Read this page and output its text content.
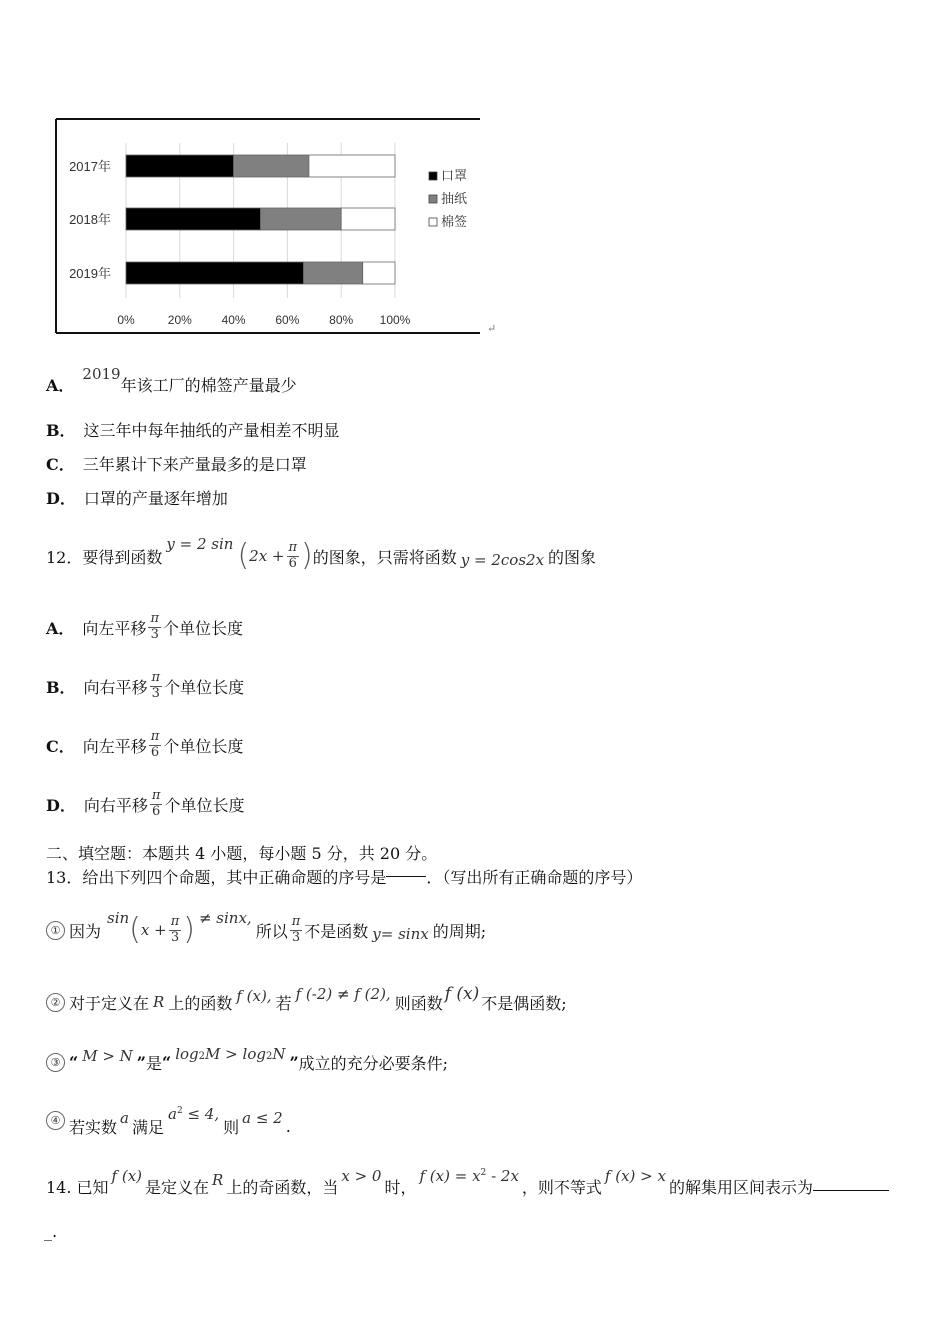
2017年
2018年
2019年
0%	20% 40% 60% 80% 100%
口罩
抽纸
棉签
↵
A．
2019
年该工厂的棉签产量最少
B． 这三年中每年抽纸的产量相差不明显
C． 三年累计下来产量最多的是口罩
D． 口罩的产量逐年增加
12． 要得到函数
y = 2 sin ( $2x + \frac{\pi}{6}$ ) 的图象，只需将函数 y = 2cos2x 的图象
A． 向左平移 $\frac{\pi}{3}$ 个单位长度
B． 向右平移 $\frac{\pi}{3}$ 个单位长度
C． 向左平移 $\frac{\pi}{6}$ 个单位长度
D． 向右平移 $\frac{\pi}{6}$ 个单位长度
二、填空题：本题共 4 小题，每小题 5 分，共 20 分。
13．给出下列四个命题，其中正确命题的序号是	．（写出所有正确命题的序号）
① 因为
sin ( $x + \frac{\pi}{3}$ ) ≠ sinx,
所以 $\frac{\pi}{3}$ 不是函数 y= sinx 的周期;
② 对于定义在 R 上的函数 f (x), 若 f (-2) ≠ f (2), 则函数 f (x) 不是偶函数;
③ “ M > N ” 是 “ log2M > log2N ” 成立的充分必要条件;
④ 若实数 a 满足
$a^2 \le 4$,
则 a ≤ 2 .
14. 已知
f (x)
是定义在 R 上的奇函数，当
x > 0
时，
f $(x) = x^2 - 2x$
，则不等式
f (x) > x
的解集用区间表示为
_.
